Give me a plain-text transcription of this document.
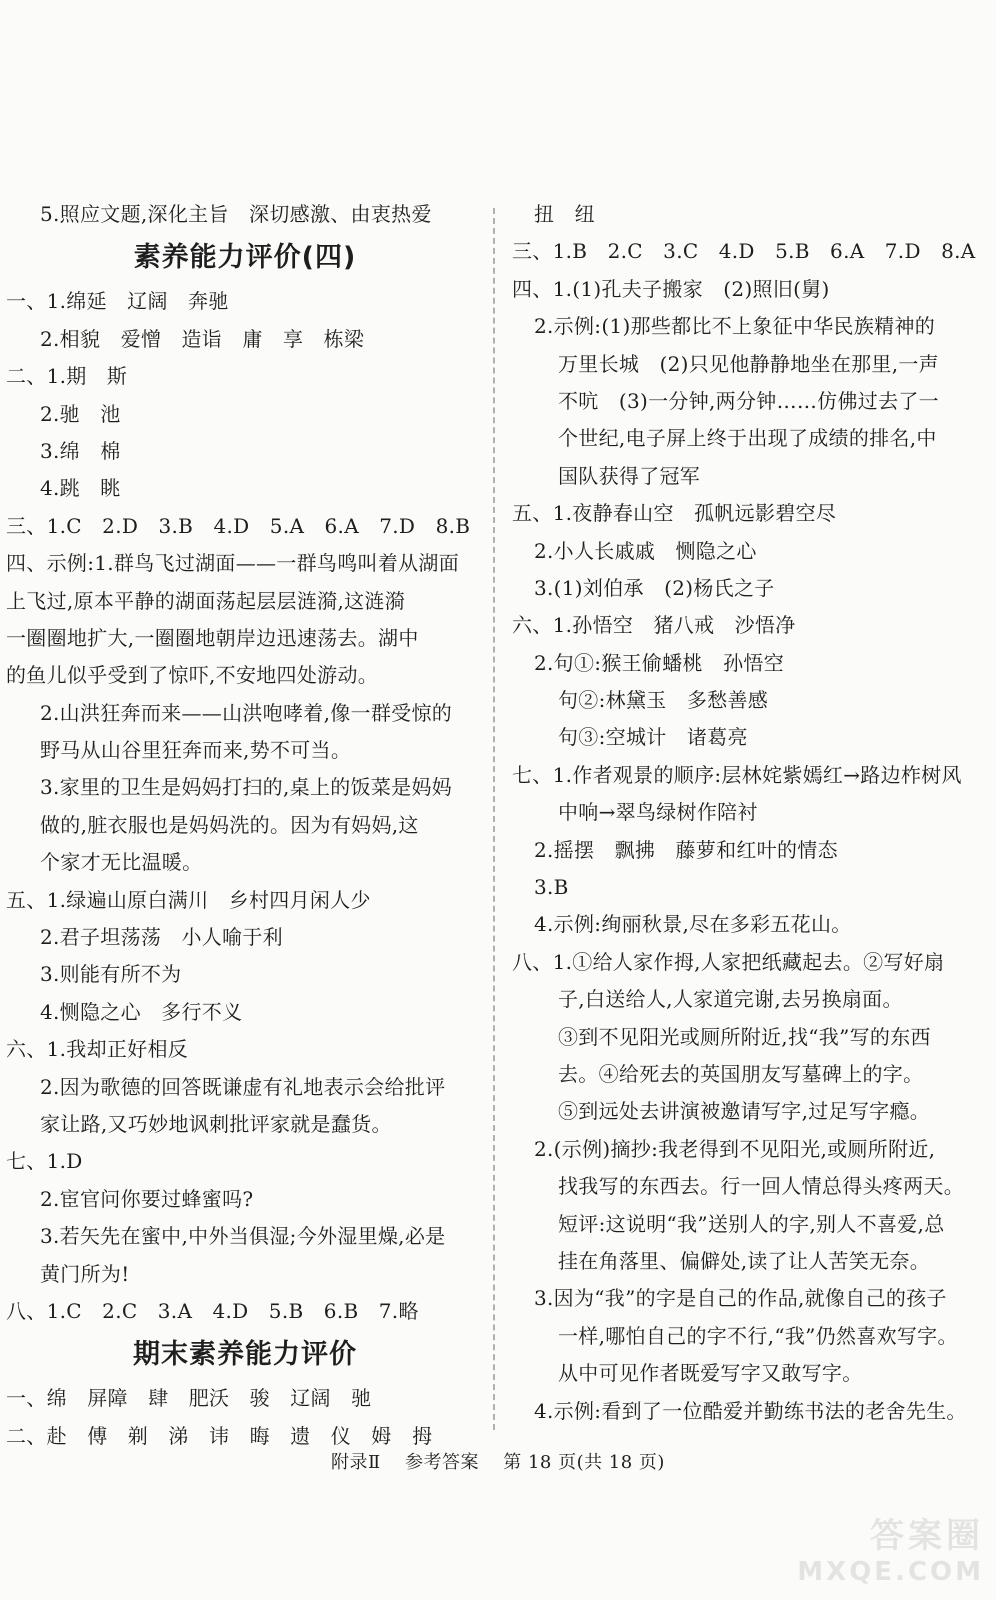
5.照应文题,深化主旨　深切感激、由衷热爱
素养能力评价(四)
一、1.绵延　辽阔　奔驰
2.相貌　爱憎　造诣　庸　享　栋梁
二、1.期　斯
2.驰　池
3.绵　棉
4.跳　眺
三、1.C　2.D　3.B　4.D　5.A　6.A　7.D　8.B
四、示例:1.群鸟飞过湖面——一群鸟鸣叫着从湖面
上飞过,原本平静的湖面荡起层层涟漪,这涟漪
一圈圈地扩大,一圈圈地朝岸边迅速荡去。湖中
的鱼儿似乎受到了惊吓,不安地四处游动。
2.山洪狂奔而来——山洪咆哮着,像一群受惊的
野马从山谷里狂奔而来,势不可当。
3.家里的卫生是妈妈打扫的,桌上的饭菜是妈妈
做的,脏衣服也是妈妈洗的。因为有妈妈,这
个家才无比温暖。
五、1.绿遍山原白满川　乡村四月闲人少
2.君子坦荡荡　小人喻于利
3.则能有所不为
4.恻隐之心　多行不义
六、1.我却正好相反
2.因为歌德的回答既谦虚有礼地表示会给批评
家让路,又巧妙地讽刺批评家就是蠢货。
七、1.D
2.宦官问你要过蜂蜜吗?
3.若矢先在蜜中,中外当俱湿;今外湿里燥,必是
黄门所为!
八、1.C　2.C　3.A　4.D　5.B　6.B　7.略
期末素养能力评价
一、绵　屏障　肆　肥沃　骏　辽阔　驰
二、赴　傅　剃　涕　讳　晦　遗　仪　姆　拇
扭　纽
三、1.B　2.C　3.C　4.D　5.B　6.A　7.D　8.A
四、1.(1)孔夫子搬家　(2)照旧(舅)
2.示例:(1)那些都比不上象征中华民族精神的
万里长城　(2)只见他静静地坐在那里,一声
不吭　(3)一分钟,两分钟……仿佛过去了一
个世纪,电子屏上终于出现了成绩的排名,中
国队获得了冠军
五、1.夜静春山空　孤帆远影碧空尽
2.小人长戚戚　恻隐之心
3.(1)刘伯承　(2)杨氏之子
六、1.孙悟空　猪八戒　沙悟净
2.句①:猴王偷蟠桃　孙悟空
句②:林黛玉　多愁善感
句③:空城计　诸葛亮
七、1.作者观景的顺序:层林姹紫嫣红→路边柞树风
中响→翠鸟绿树作陪衬
2.摇摆　飘拂　藤萝和红叶的情态
3.B
4.示例:绚丽秋景,尽在多彩五花山。
八、1.①给人家作拇,人家把纸藏起去。②写好扇
子,白送给人,人家道完谢,去另换扇面。
③到不见阳光或厕所附近,找“我”写的东西
去。④给死去的英国朋友写墓碑上的字。
⑤到远处去讲演被邀请写字,过足写字瘾。
2.(示例)摘抄:我老得到不见阳光,或厕所附近,
找我写的东西去。行一回人情总得头疼两天。
短评:这说明“我”送别人的字,别人不喜爱,总
挂在角落里、偏僻处,读了让人苦笑无奈。
3.因为“我”的字是自己的作品,就像自己的孩子
一样,哪怕自己的字不行,“我”仍然喜欢写字。
从中可见作者既爱写字又敢写字。
4.示例:看到了一位酷爱并勤练书法的老舍先生。
附录Ⅱ 参考答案 第 18 页(共 18 页)
答案圈
MXQE.COM
